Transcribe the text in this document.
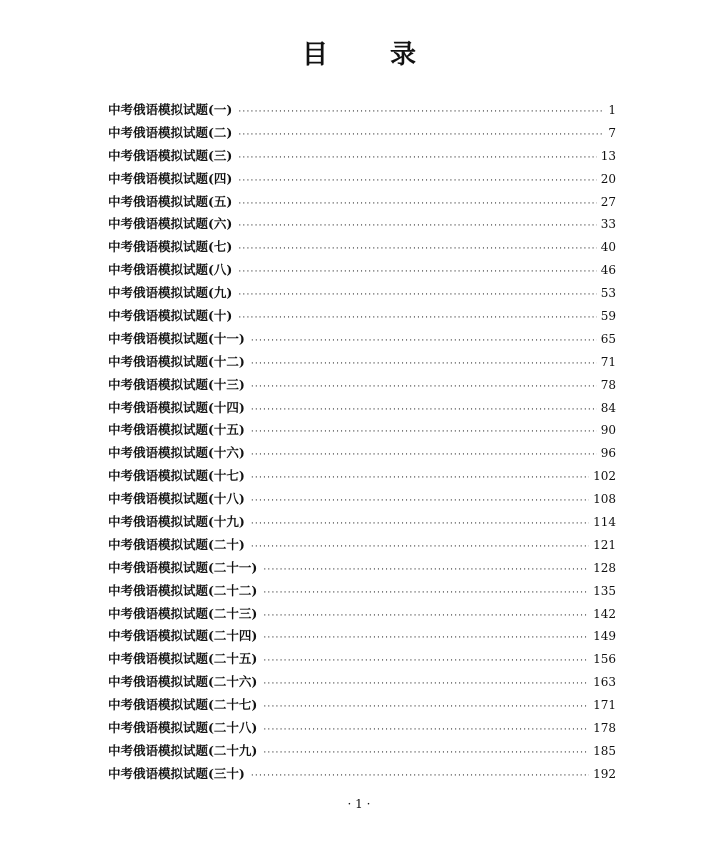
目 录
中考俄语模拟试题(一) ·····	1
中考俄语模拟试题(二) ·····	7
中考俄语模拟试题(三) ·····	13
中考俄语模拟试题(四) ·····	20
中考俄语模拟试题(五) ·····	27
中考俄语模拟试题(六) ·····	33
中考俄语模拟试题(七) ·····	40
中考俄语模拟试题(八) ·····	46
中考俄语模拟试题(九) ·····	53
中考俄语模拟试题(十) ·····	59
中考俄语模拟试题(十一) ·····	65
中考俄语模拟试题(十二) ·····	71
中考俄语模拟试题(十三) ·····	78
中考俄语模拟试题(十四) ·····	84
中考俄语模拟试题(十五) ·····	90
中考俄语模拟试题(十六) ·····	96
中考俄语模拟试题(十七) ·····	102
中考俄语模拟试题(十八) ·····	108
中考俄语模拟试题(十九) ·····	114
中考俄语模拟试题(二十) ·····	121
中考俄语模拟试题(二十一) ·····	128
中考俄语模拟试题(二十二) ·····	135
中考俄语模拟试题(二十三) ·····	142
中考俄语模拟试题(二十四) ·····	149
中考俄语模拟试题(二十五) ·····	156
中考俄语模拟试题(二十六) ·····	163
中考俄语模拟试题(二十七) ·····	171
中考俄语模拟试题(二十八) ·····	178
中考俄语模拟试题(二十九) ·····	185
中考俄语模拟试题(三十) ·····	192
· 1 ·
